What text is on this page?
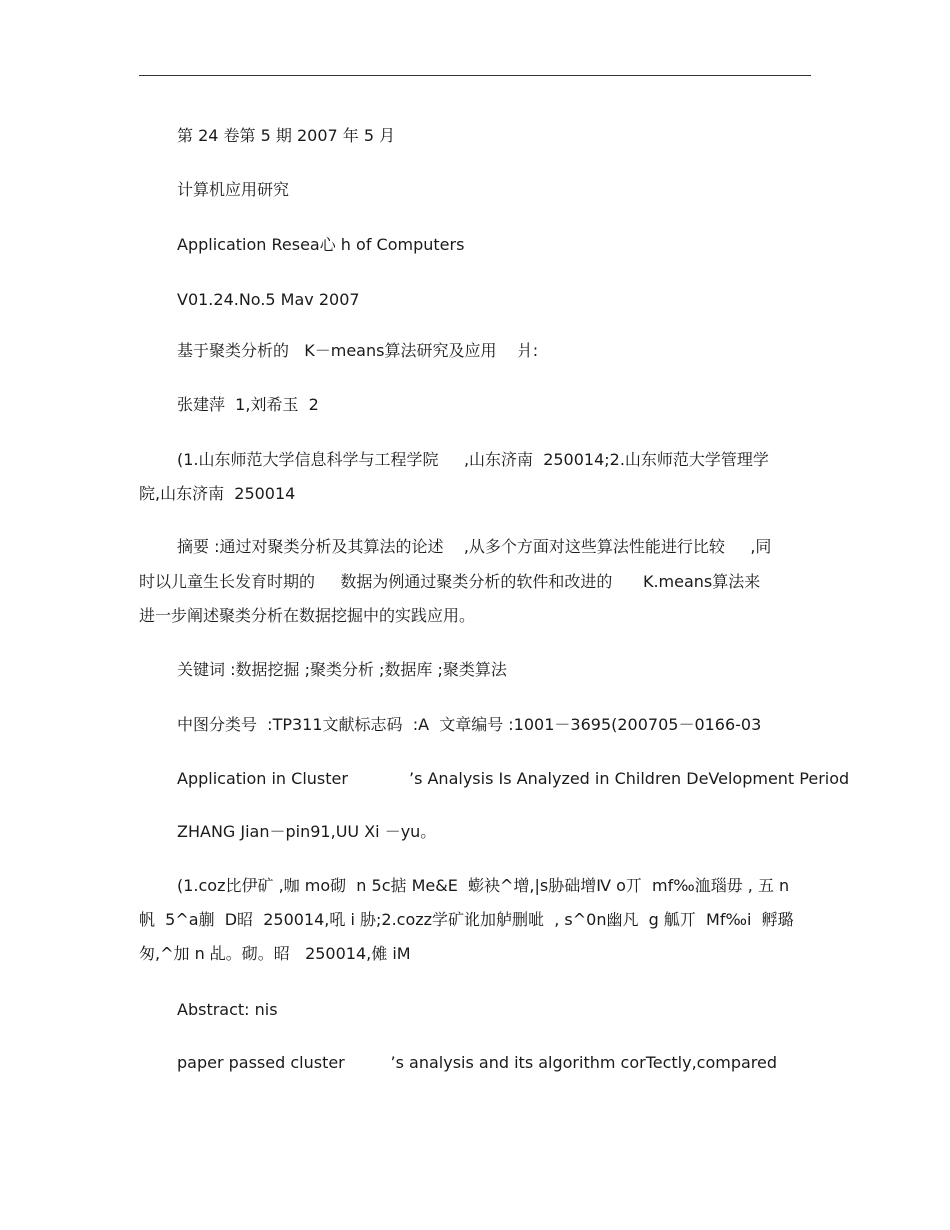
第 24 卷第 5 期 2007 年 5 月
计算机应用研究
Application Resea心 h of Computers
V01.24.No.5 Mav 2007
基于聚类分析的   K－means算法研究及应用    爿:
张建萍  1,刘希玉  2
(1.山东师范大学信息科学与工程学院     ,山东济南  250014;2.山东师范大学管理学
院,山东济南  250014
摘要 :通过对聚类分析及其算法的论述    ,从多个方面对这些算法性能进行比较     ,同
时以儿童生长发育时期的     数据为例通过聚类分析的软件和改进的      K.means算法来
进一步阐述聚类分析在数据挖掘中的实践应用。
关键词 :数据挖掘 ;聚类分析 ;数据库 ;聚类算法
中图分类号  :TP311文献标志码  :A  文章编号 :1001－3695(200705－0166-03
Application in Cluster            ’s Analysis Is Analyzed in Children DeVelopment Period
ZHANG Jian－pin91,UU Xi －yu。
(1.coz比伊矿 ,咖 mo砌  n 5c掂 Me&E  蟛袂^增,|s胁础增Ⅳ o丌  mf‰洫瑙毋 , 五 n
帆  5^a蒯  D昭  250014,吼 i 胁;2.cozz学矿讹加舻删呲  , s^0n幽凡  g 觚丌  Mf‰i  孵璐
匆,^加 n 乩。砌。昭   250014,傩 iM
Abstract: nis
paper passed cluster         ’s analysis and its algorithm corTectly,compared
